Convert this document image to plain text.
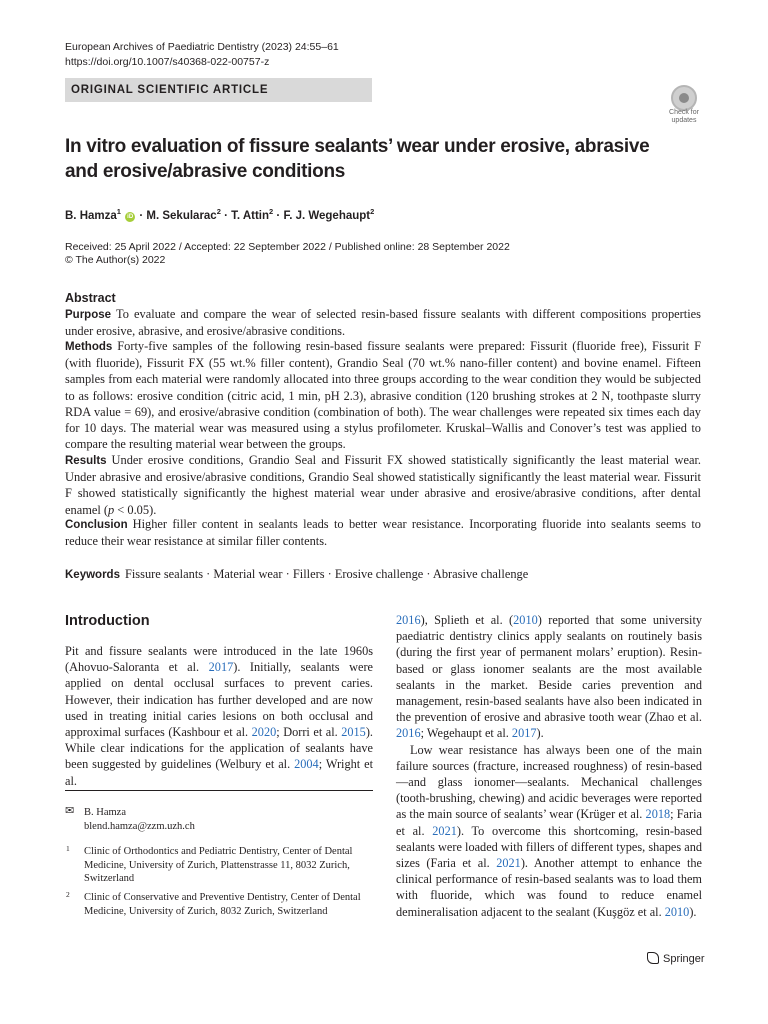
European Archives of Paediatric Dentistry (2023) 24:55–61
https://doi.org/10.1007/s40368-022-00757-z
ORIGINAL SCIENTIFIC ARTICLE
Check for
updates
In vitro evaluation of fissure sealants’ wear under erosive, abrasive and erosive/abrasive conditions
B. Hamza$^1$ iD · M. Sekularac$^2$ · T. Attin$^2$ · F. J. Wegehaupt$^2$
Received: 25 April 2022 / Accepted: 22 September 2022 / Published online: 28 September 2022
© The Author(s) 2022
Abstract
Purpose To evaluate and compare the wear of selected resin-based fissure sealants with different compositions properties under erosive, abrasive, and erosive/abrasive conditions.
Methods Forty-five samples of the following resin-based fissure sealants were prepared: Fissurit (fluoride free), Fissurit F (with fluoride), Fissurit FX (55 wt.% filler content), Grandio Seal (70 wt.% nano-filler content) and bovine enamel. Fifteen samples from each material were randomly allocated into three groups according to the wear condition they would be subjected to as follows: erosive condition (citric acid, 1 min, pH 2.3), abrasive condition (120 brushing strokes at 2 N, toothpaste slurry RDA value = 69), and erosive/abrasive condition (combination of both). The wear challenges were repeated six times each day for 10 days. The material wear was measured using a stylus profilometer. Kruskal–Wallis and Conover’s test was applied to compare the resulting material wear between the groups.
Results Under erosive conditions, Grandio Seal and Fissurit FX showed statistically significantly the least material wear. Under abrasive and erosive/abrasive conditions, Grandio Seal showed statistically significantly the least material wear. Fissurit F showed statistically significantly the highest material wear under abrasive and erosive/abrasive conditions, after dental enamel (p < 0.05).
Conclusion Higher filler content in sealants leads to better wear resistance. Incorporating fluoride into sealants seems to reduce their wear resistance at similar filler contents.
Keywords Fissure sealants · Material wear · Fillers · Erosive challenge · Abrasive challenge
Introduction

Pit and fissure sealants were introduced in the late 1960s (Ahovuo-Saloranta et al. 2017). Initially, sealants were applied on dental occlusal surfaces to prevent caries. However, their indication has further developed and are now used in treating initial caries lesions on both occlusal and approximal surfaces (Kashbour et al. 2020; Dorri et al. 2015). While clear indications for the application of sealants have been suggested by guidelines (Welbury et al. 2004; Wright et al.

2016), Splieth et al. (2010) reported that some university paediatric dentistry clinics apply sealants on routinely basis (during the first year of permanent molars’ eruption). Resin-based or glass ionomer sealants are the most available sealants in the market. Beside caries prevention and management, resin-based sealants have also been indicated in the prevention of erosive and abrasive tooth wear (Zhao et al. 2016; Wegehaupt et al. 2017).

Low wear resistance has always been one of the main failure sources (fracture, increased roughness) of resin-based—and glass ionomer—sealants. Mechanical challenges (tooth-brushing, chewing) and acidic beverages were reported as the main source of sealants’ wear (Krüger et al. 2018; Faria et al. 2021). To overcome this shortcoming, resin-based sealants were loaded with fillers of different types, shapes and sizes (Faria et al. 2021). Another attempt to enhance the clinical performance of resin-based sealants was to load them with fluoride, which was found to reduce enamel demineralisation adjacent to the sealant (Kuşgöz et al. 2010).

✉ B. Hamza
blend.hamza@zzm.uzh.ch
1 Clinic of Orthodontics and Pediatric Dentistry, Center of Dental Medicine, University of Zurich, Plattenstrasse 11, 8032 Zurich, Switzerland
2 Clinic of Conservative and Preventive Dentistry, Center of Dental Medicine, University of Zurich, 8032 Zurich, Switzerland
Springer
